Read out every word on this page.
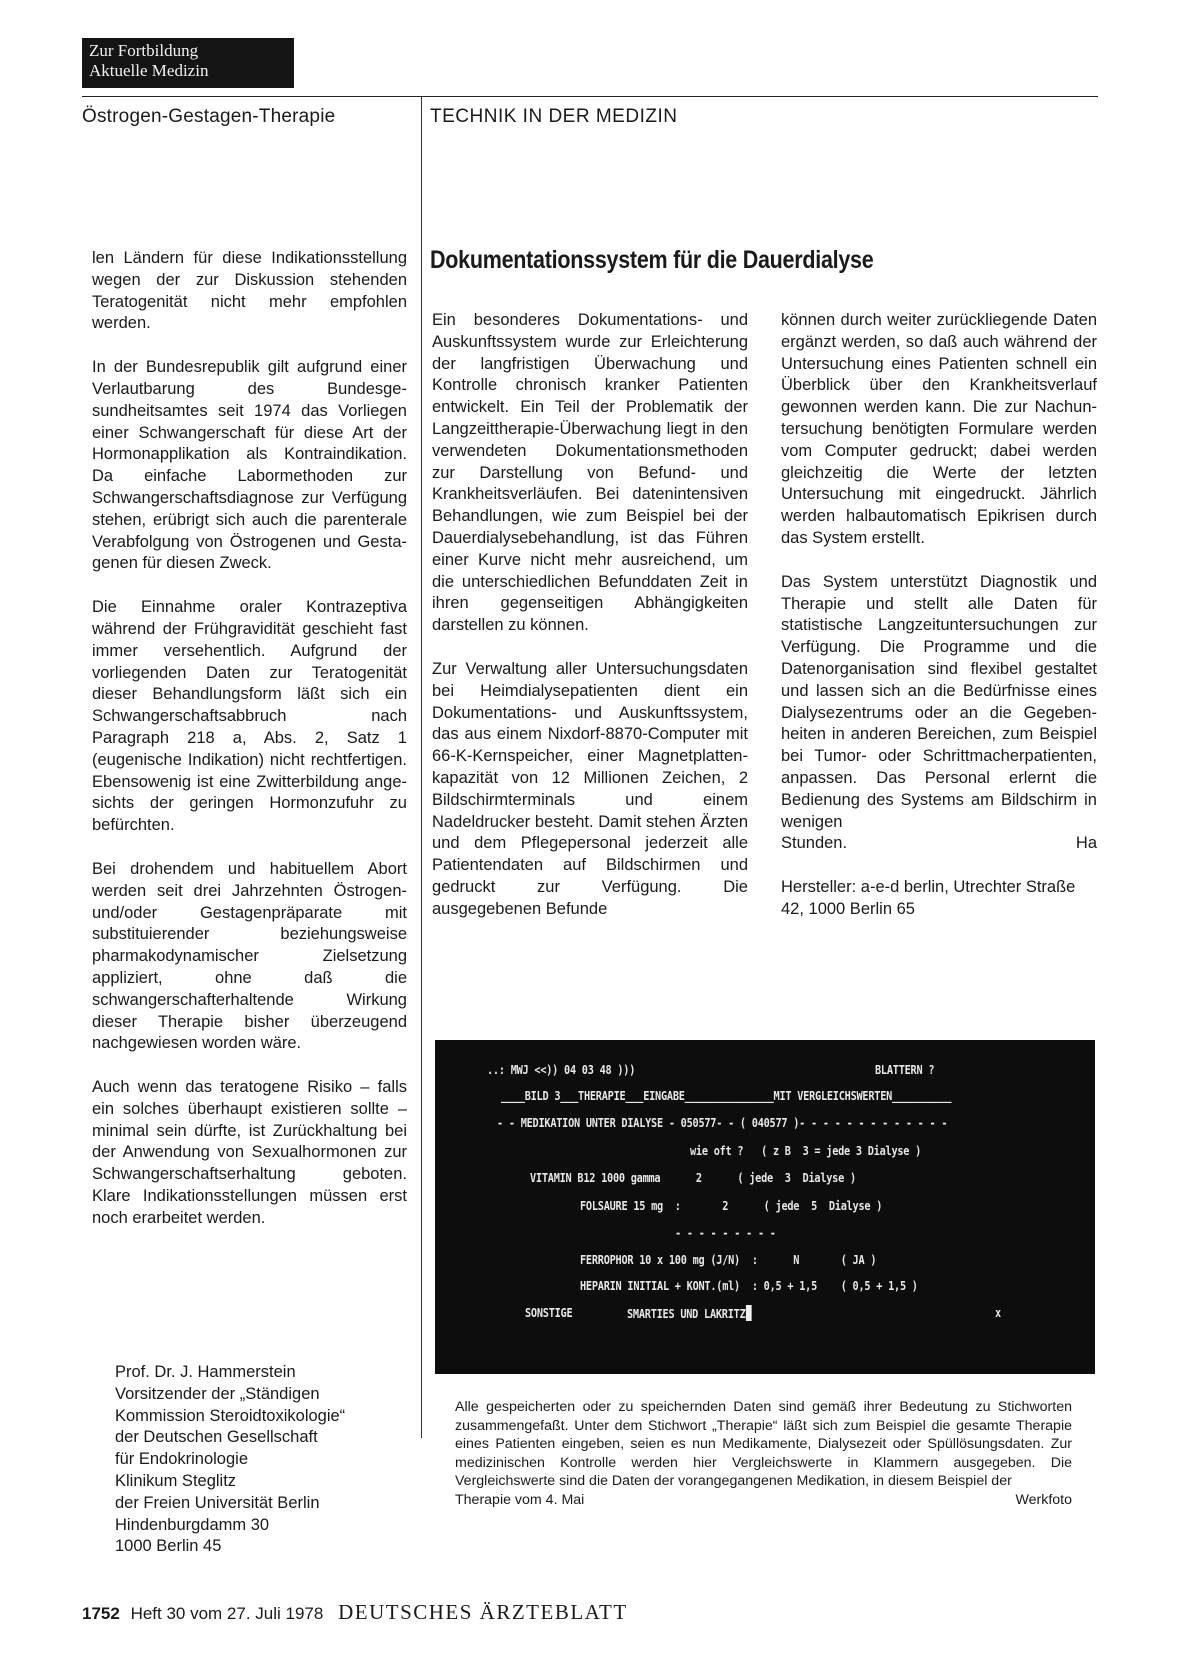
Zur Fortbildung
Aktuelle Medizin
Östrogen-Gestagen-Therapie	TECHNIK IN DER MEDIZIN

len Ländern für diese Indikationsstellung wegen der zur Diskussion stehenden Teratogenität nicht mehr empfohlen werden.

In der Bundesrepublik gilt aufgrund einer Verlautbarung des Bundesgesundheitsamtes seit 1974 das Vorliegen einer Schwangerschaft für diese Art der Hormonapplikation als Kontraindikation. Da einfache Labormethoden zur Schwangerschaftsdiagnose zur Verfügung stehen, erübrigt sich auch die parenterale Verabfolgung von Östrogenen und Gestagenen für diesen Zweck.

Die Einnahme oraler Kontrazeptiva während der Frühgravidität geschieht fast immer versehentlich. Aufgrund der vorliegenden Daten zur Teratogenität dieser Behandlungsform läßt sich ein Schwangerschaftsabbruch nach Paragraph 218 a, Abs. 2, Satz 1 (eugenische Indikation) nicht rechtfertigen. Ebensowenig ist eine Zwitterbildung angesichts der geringen Hormonzufuhr zu befürchten.

Bei drohendem und habituellem Abort werden seit drei Jahrzehnten Östrogen- und/oder Gestagenpräparate mit substituierender beziehungsweise pharmakodynamischer Zielsetzung appliziert, ohne daß die schwangerschafterhaltende Wirkung dieser Therapie bisher überzeugend nachgewiesen worden wäre.

Auch wenn das teratogene Risiko – falls ein solches überhaupt existieren sollte – minimal sein dürfte, ist Zurückhaltung bei der Anwendung von Sexualhormonen zur Schwangerschaftserhaltung geboten. Klare Indikationsstellungen müssen erst noch erarbeitet werden.

Prof. Dr. J. Hammerstein
Vorsitzender der „Ständigen
Kommission Steroidtoxikologie“
der Deutschen Gesellschaft
für Endokrinologie
Klinikum Steglitz
der Freien Universität Berlin
Hindenburgdamm 30
1000 Berlin 45
Dokumentationssystem für die Dauerdialyse

Ein besonderes Dokumentations- und Auskunftssystem wurde zur Erleichterung der langfristigen Überwachung und Kontrolle chronisch kranker Patienten entwickelt. Ein Teil der Problematik der Langzeittherapie-Überwachung liegt in den verwendeten Dokumentationsmethoden zur Darstellung von Befund- und Krankheitsverläufen. Bei datenintensiven Behandlungen, wie zum Beispiel bei der Dauerdialysebehandlung, ist das Führen einer Kurve nicht mehr ausreichend, um die unterschiedlichen Befunddaten Zeit in ihren gegenseitigen Abhängigkeiten darstellen zu können.

Zur Verwaltung aller Untersuchungsdaten bei Heimdialysepatienten dient ein Dokumentations- und Auskunftssystem, das aus einem Nixdorf-8870-Computer mit 66-K-Kernspeicher, einer Magnetplattenkapazität von 12 Millionen Zeichen, 2 Bildschirmterminals und einem Nadeldrucker besteht. Damit stehen Ärzten und dem Pflegepersonal jederzeit alle Patientendaten auf Bildschirmen und gedruckt zur Verfügung. Die ausgegebenen Befunde

können durch weiter zurückliegende Daten ergänzt werden, so daß auch während der Untersuchung eines Patienten schnell ein Überblick über den Krankheitsverlauf gewonnen werden kann. Die zur Nachuntersuchung benötigten Formulare werden vom Computer gedruckt; dabei werden gleichzeitig die Werte der letzten Untersuchung mit eingedruckt. Jährlich werden halbautomatisch Epikrisen durch das System erstellt.

Das System unterstützt Diagnostik und Therapie und stellt alle Daten für statistische Langzeituntersuchungen zur Verfügung. Die Programme und die Datenorganisation sind flexibel gestaltet und lassen sich an die Bedürfnisse eines Dialysezentrums oder an die Gegebenheiten in anderen Bereichen, zum Beispiel bei Tumor- oder Schrittmacherpatienten, anpassen. Das Personal erlernt die Bedienung des Systems am Bildschirm in wenigen
Stunden.	Ha

Hersteller: a-e-d berlin, Utrechter Straße 42, 1000 Berlin 65

..: MWJ <<)) 04 03 48 )))	BLATTERN ?
____BILD 3___THERAPIE___EINGABE_______________MIT VERGLEICHSWERTEN__________
- - MEDIKATION UNTER DIALYSE - 050577- - ( 040577 )- - - - - - - - - - - - -
wie oft ?   ( z B  3 = jede 3 Dialyse )
VITAMIN B12 1000 gamma      2      ( jede  3  Dialyse )
FOLSAURE 15 mg  :       2      ( jede  5  Dialyse )
- - - - - - - - -
FERROPHOR 10 x 100 mg (J/N)  :      N       ( JA )
HEPARIN INITIAL + KONT.(ml)  : 0,5 + 1,5    ( 0,5 + 1,5 )
SONSTIGE	SMARTIES UND LAKRITZ	x
Alle gespeicherten oder zu speichernden Daten sind gemäß ihrer Bedeutung zu Stichworten zusammengefaßt. Unter dem Stichwort „Therapie“ läßt sich zum Beispiel die gesamte Therapie eines Patienten eingeben, seien es nun Medikamente, Dialysezeit oder Spüllösungsdaten. Zur medizinischen Kontrolle werden hier Vergleichswerte in Klammern ausgegeben. Die Vergleichswerte sind die Daten der vorangegangenen Medikation, in diesem Beispiel der
Therapie vom 4. Mai	Werkfoto
1752 Heft 30 vom 27. Juli 1978 DEUTSCHES ÄRZTEBLATT
